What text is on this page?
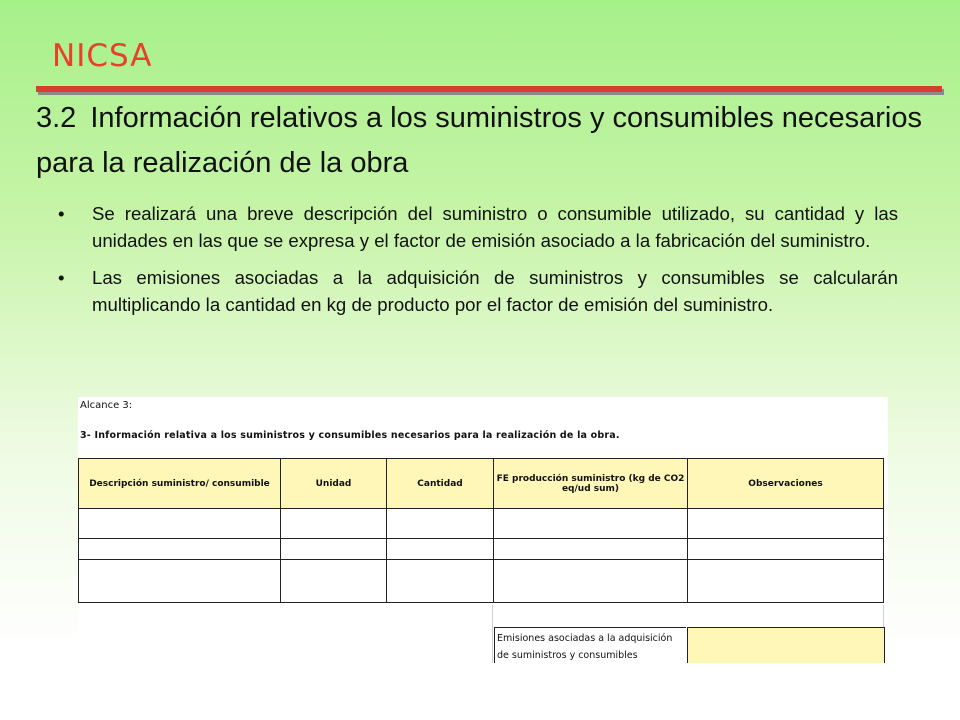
NICSA
3.2 Información relativos a los suministros y consumibles necesarios para la realización de la obra
• Se realizará una breve descripción del suministro o consumible utilizado, su cantidad y las unidades en las que se expresa y el factor de emisión asociado a la fabricación del suministro.
• Las emisiones asociadas a la adquisición de suministros y consumibles se calcularán multiplicando la cantidad en kg de producto por el factor de emisión del suministro.
Alcance 3:
3- Información relativa a los suministros y consumibles necesarios para la realización de la obra.
Descripción suministro/ consumible	Unidad	Cantidad	FE producción suministro (kg de CO2 eq/ud sum)	Observaciones

Emisiones asociadas a la adquisición de suministros y consumibles
